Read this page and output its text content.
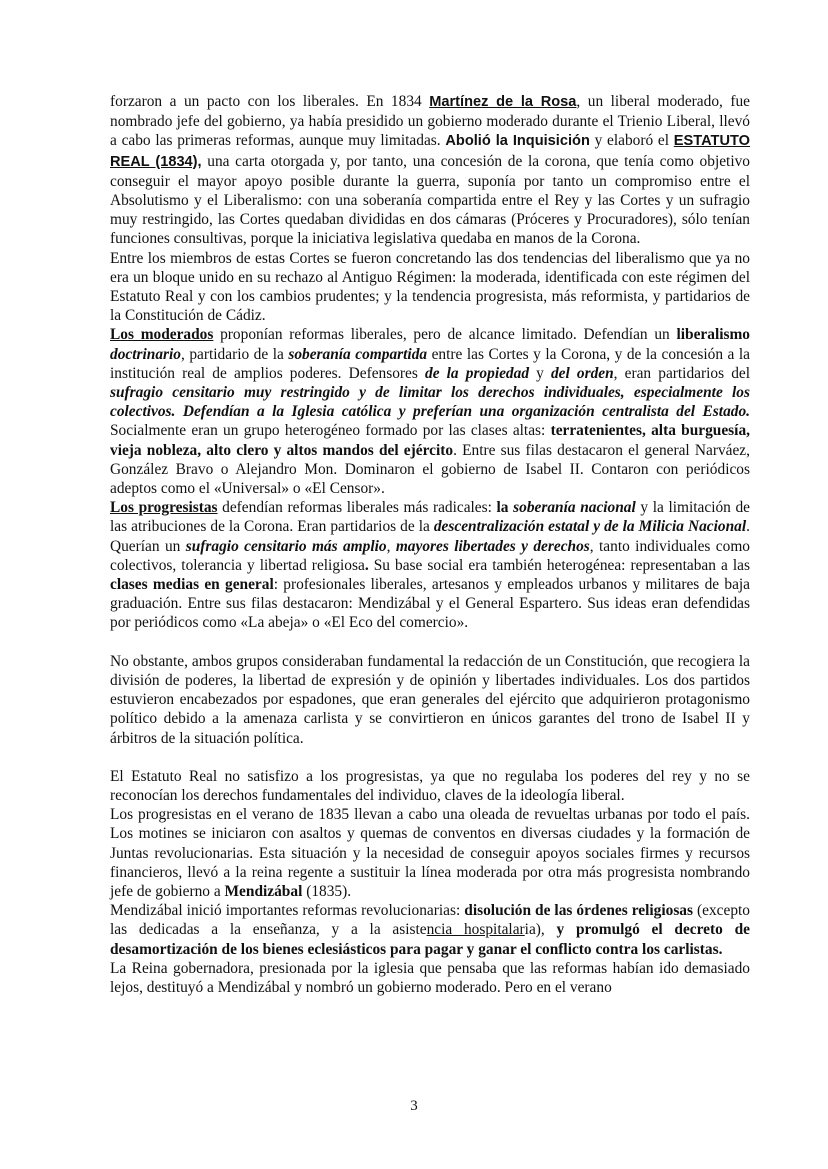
forzaron a un pacto con los liberales. En 1834 Martínez de la Rosa, un liberal moderado, fue nombrado jefe del gobierno, ya había presidido un gobierno moderado durante el Trienio Liberal, llevó a cabo las primeras reformas, aunque muy limitadas. Abolió la Inquisición y elaboró el ESTATUTO REAL (1834), una carta otorgada y, por tanto, una concesión de la corona, que tenía como objetivo conseguir el mayor apoyo posible durante la guerra, suponía por tanto un compromiso entre el Absolutismo y el Liberalismo: con una soberanía compartida entre el Rey y las Cortes y un sufragio muy restringido, las Cortes quedaban divididas en dos cámaras (Próceres y Procuradores), sólo tenían funciones consultivas, porque la iniciativa legislativa quedaba en manos de la Corona.

Entre los miembros de estas Cortes se fueron concretando las dos tendencias del liberalismo que ya no era un bloque unido en su rechazo al Antiguo Régimen: la moderada, identificada con este régimen del Estatuto Real y con los cambios prudentes; y la tendencia progresista, más reformista, y partidarios de la Constitución de Cádiz.

Los moderados proponían reformas liberales, pero de alcance limitado. Defendían un liberalismo doctrinario, partidario de la soberanía compartida entre las Cortes y la Corona, y de la concesión a la institución real de amplios poderes. Defensores de la propiedad y del orden, eran partidarios del sufragio censitario muy restringido y de limitar los derechos individuales, especialmente los colectivos. Defendían a la Iglesia católica y preferían una organización centralista del Estado. Socialmente eran un grupo heterogéneo formado por las clases altas: terratenientes, alta burguesía, vieja nobleza, alto clero y altos mandos del ejército. Entre sus filas destacaron el general Narváez, González Bravo o Alejandro Mon. Dominaron el gobierno de Isabel II. Contaron con periódicos adeptos como el «Universal» o «El Censor».

Los progresistas defendían reformas liberales más radicales: la soberanía nacional y la limitación de las atribuciones de la Corona. Eran partidarios de la descentralización estatal y de la Milicia Nacional. Querían un sufragio censitario más amplio, mayores libertades y derechos, tanto individuales como colectivos, tolerancia y libertad religiosa. Su base social era también heterogénea: representaban a las clases medias en general: profesionales liberales, artesanos y empleados urbanos y militares de baja graduación. Entre sus filas destacaron: Mendizábal y el General Espartero. Sus ideas eran defendidas por periódicos como «La abeja» o «El Eco del comercio».

No obstante, ambos grupos consideraban fundamental la redacción de un Constitución, que recogiera la división de poderes, la libertad de expresión y de opinión y libertades individuales. Los dos partidos estuvieron encabezados por espadones, que eran generales del ejército que adquirieron protagonismo político debido a la amenaza carlista y se convirtieron en únicos garantes del trono de Isabel II y árbitros de la situación política.

El Estatuto Real no satisfizo a los progresistas, ya que no regulaba los poderes del rey y no se reconocían los derechos fundamentales del individuo, claves de la ideología liberal.

Los progresistas en el verano de 1835 llevan a cabo una oleada de revueltas urbanas por todo el país. Los motines se iniciaron con asaltos y quemas de conventos en diversas ciudades y la formación de Juntas revolucionarias. Esta situación y la necesidad de conseguir apoyos sociales firmes y recursos financieros, llevó a la reina regente a sustituir la línea moderada por otra más progresista nombrando jefe de gobierno a Mendizábal (1835).

Mendizábal inició importantes reformas revolucionarias: disolución de las órdenes religiosas (excepto las dedicadas a la enseñanza, y a la asistencia hospitalaria), y promulgó el decreto de desamortización de los bienes eclesiásticos para pagar y ganar el conflicto contra los carlistas.

La Reina gobernadora, presionada por la iglesia que pensaba que las reformas habían ido demasiado lejos, destituyó a Mendizábal y nombró un gobierno moderado. Pero en el verano

3
